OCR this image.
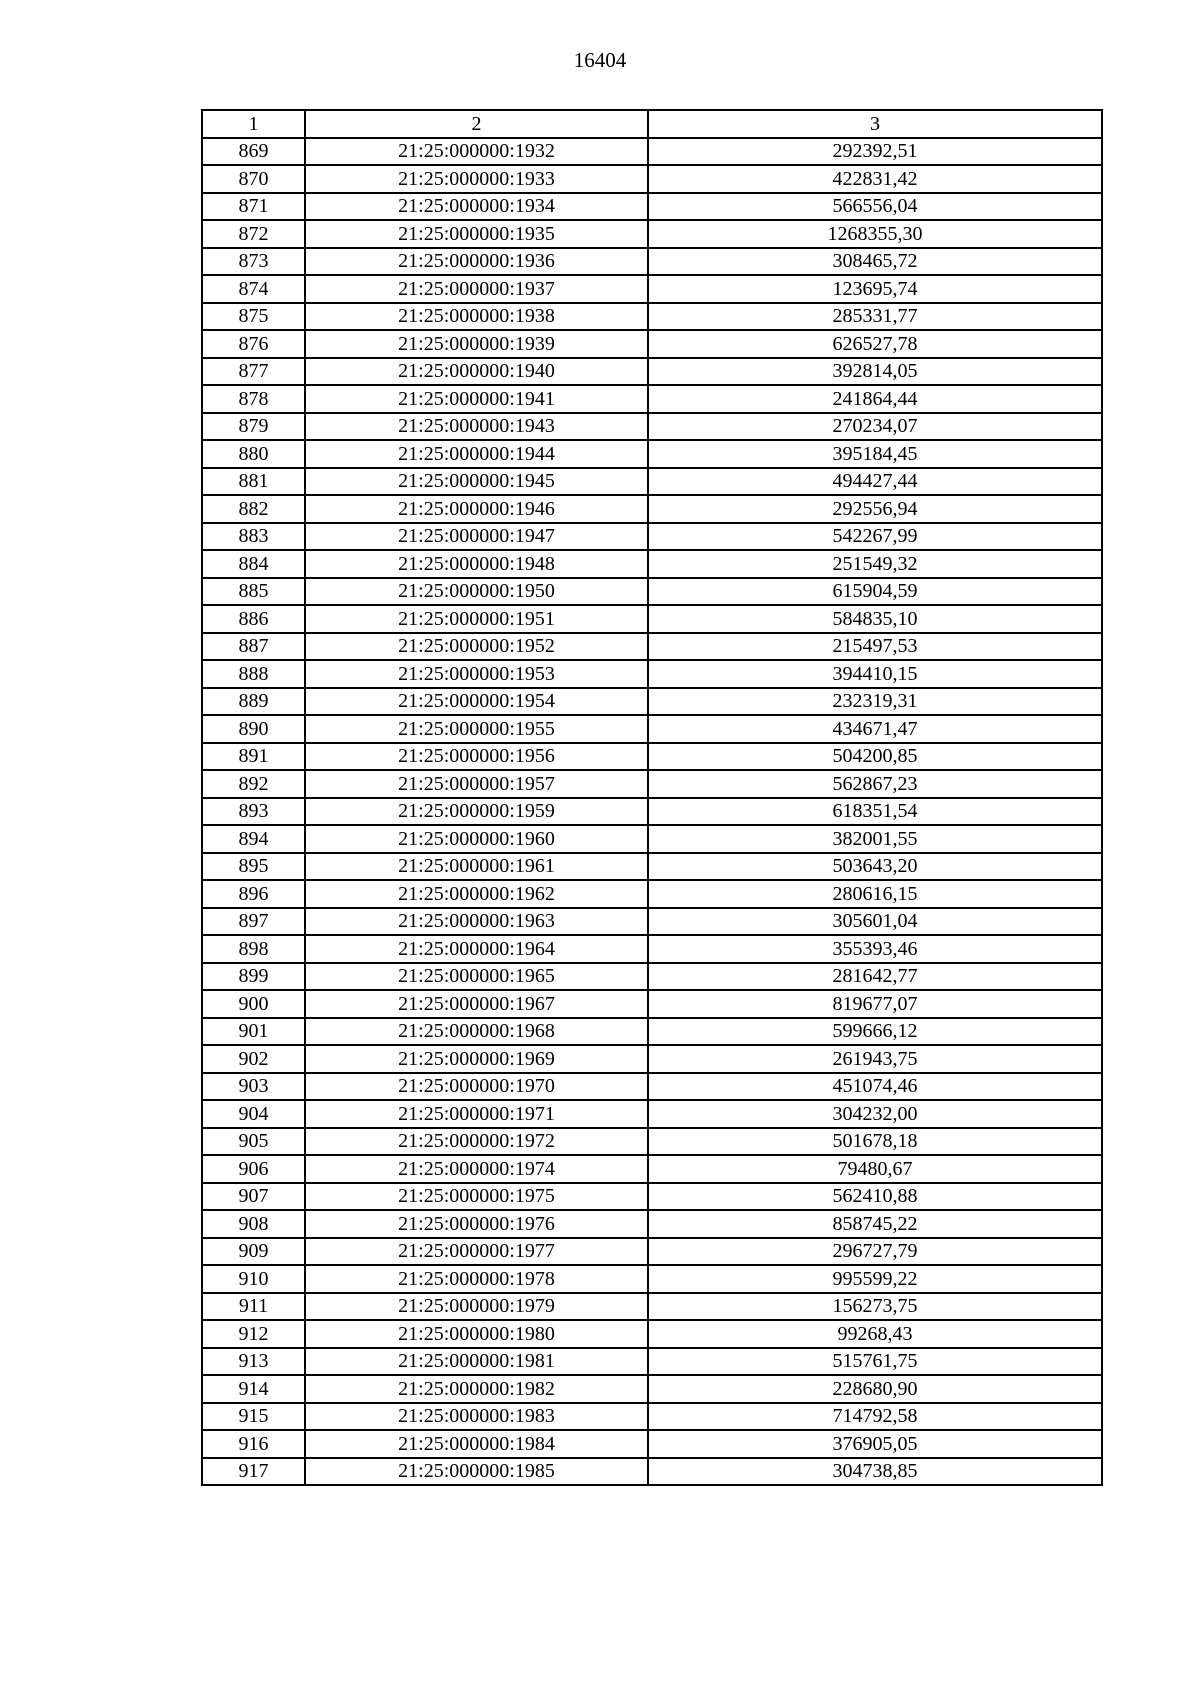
16404
1	2	3
869	21:25:000000:1932	292392,51
870	21:25:000000:1933	422831,42
871	21:25:000000:1934	566556,04
872	21:25:000000:1935	1268355,30
873	21:25:000000:1936	308465,72
874	21:25:000000:1937	123695,74
875	21:25:000000:1938	285331,77
876	21:25:000000:1939	626527,78
877	21:25:000000:1940	392814,05
878	21:25:000000:1941	241864,44
879	21:25:000000:1943	270234,07
880	21:25:000000:1944	395184,45
881	21:25:000000:1945	494427,44
882	21:25:000000:1946	292556,94
883	21:25:000000:1947	542267,99
884	21:25:000000:1948	251549,32
885	21:25:000000:1950	615904,59
886	21:25:000000:1951	584835,10
887	21:25:000000:1952	215497,53
888	21:25:000000:1953	394410,15
889	21:25:000000:1954	232319,31
890	21:25:000000:1955	434671,47
891	21:25:000000:1956	504200,85
892	21:25:000000:1957	562867,23
893	21:25:000000:1959	618351,54
894	21:25:000000:1960	382001,55
895	21:25:000000:1961	503643,20
896	21:25:000000:1962	280616,15
897	21:25:000000:1963	305601,04
898	21:25:000000:1964	355393,46
899	21:25:000000:1965	281642,77
900	21:25:000000:1967	819677,07
901	21:25:000000:1968	599666,12
902	21:25:000000:1969	261943,75
903	21:25:000000:1970	451074,46
904	21:25:000000:1971	304232,00
905	21:25:000000:1972	501678,18
906	21:25:000000:1974	79480,67
907	21:25:000000:1975	562410,88
908	21:25:000000:1976	858745,22
909	21:25:000000:1977	296727,79
910	21:25:000000:1978	995599,22
911	21:25:000000:1979	156273,75
912	21:25:000000:1980	99268,43
913	21:25:000000:1981	515761,75
914	21:25:000000:1982	228680,90
915	21:25:000000:1983	714792,58
916	21:25:000000:1984	376905,05
917	21:25:000000:1985	304738,85
